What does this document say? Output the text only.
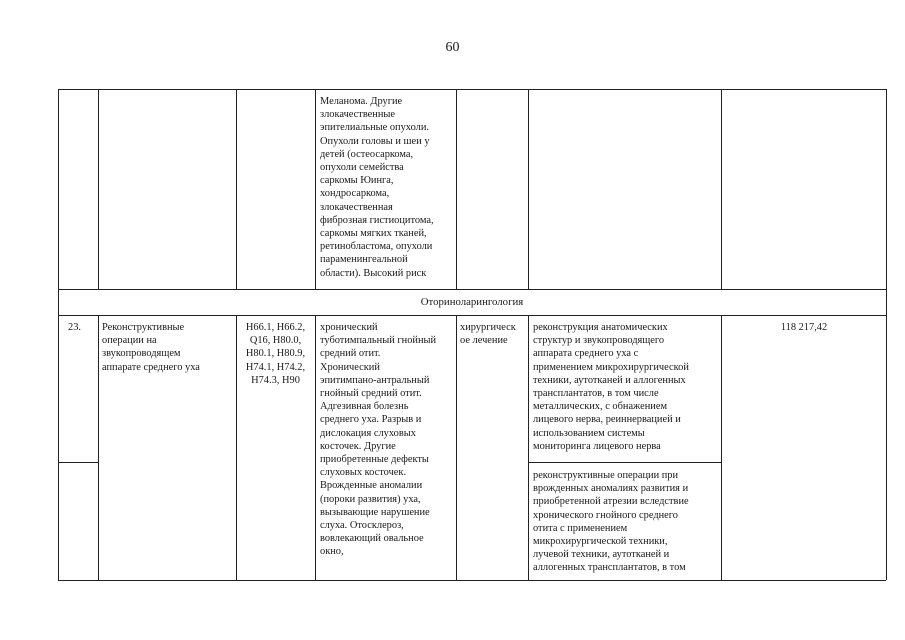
60
Меланома. Другие
злокачественные
эпителиальные опухоли.
Опухоли головы и шеи у
детей (остеосаркома,
опухоли семейства
саркомы Юинга,
хондросаркома,
злокачественная
фиброзная гистиоцитома,
саркомы мягких тканей,
ретинобластома, опухоли
параменингеальной
области). Высокий риск
Оториноларингология
23.	Реконструктивные
операции на
звукопроводящем
аппарате среднего уха
H66.1, H66.2,
Q16, H80.0,
H80.1, H80.9,
H74.1, H74.2,
H74.3, H90
хронический
туботимпальный гнойный
средний отит.
Хронический
эпитимпано-антральный
гнойный средний отит.
Адгезивная болезнь
среднего уха. Разрыв и
дислокация слуховых
косточек. Другие
приобретенные дефекты
слуховых косточек.
Врожденные аномалии
(пороки развития) уха,
вызывающие нарушение
слуха. Отосклероз,
вовлекающий овальное
окно,
хирургическ
ое лечение
реконструкция анатомических
структур и звукопроводящего
аппарата среднего уха с
применением микрохирургической
техники, аутотканей и аллогенных
трансплантатов, в том числе
металлических, с обнажением
лицевого нерва, реиннервацией и
использованием системы
мониторинга лицевого нерва
реконструктивные операции при
врожденных аномалиях развития и
приобретенной атрезии вследствие
хронического гнойного среднего
отита с применением
микрохирургической техники,
лучевой техники, аутотканей и
аллогенных трансплантатов, в том
118 217,42
